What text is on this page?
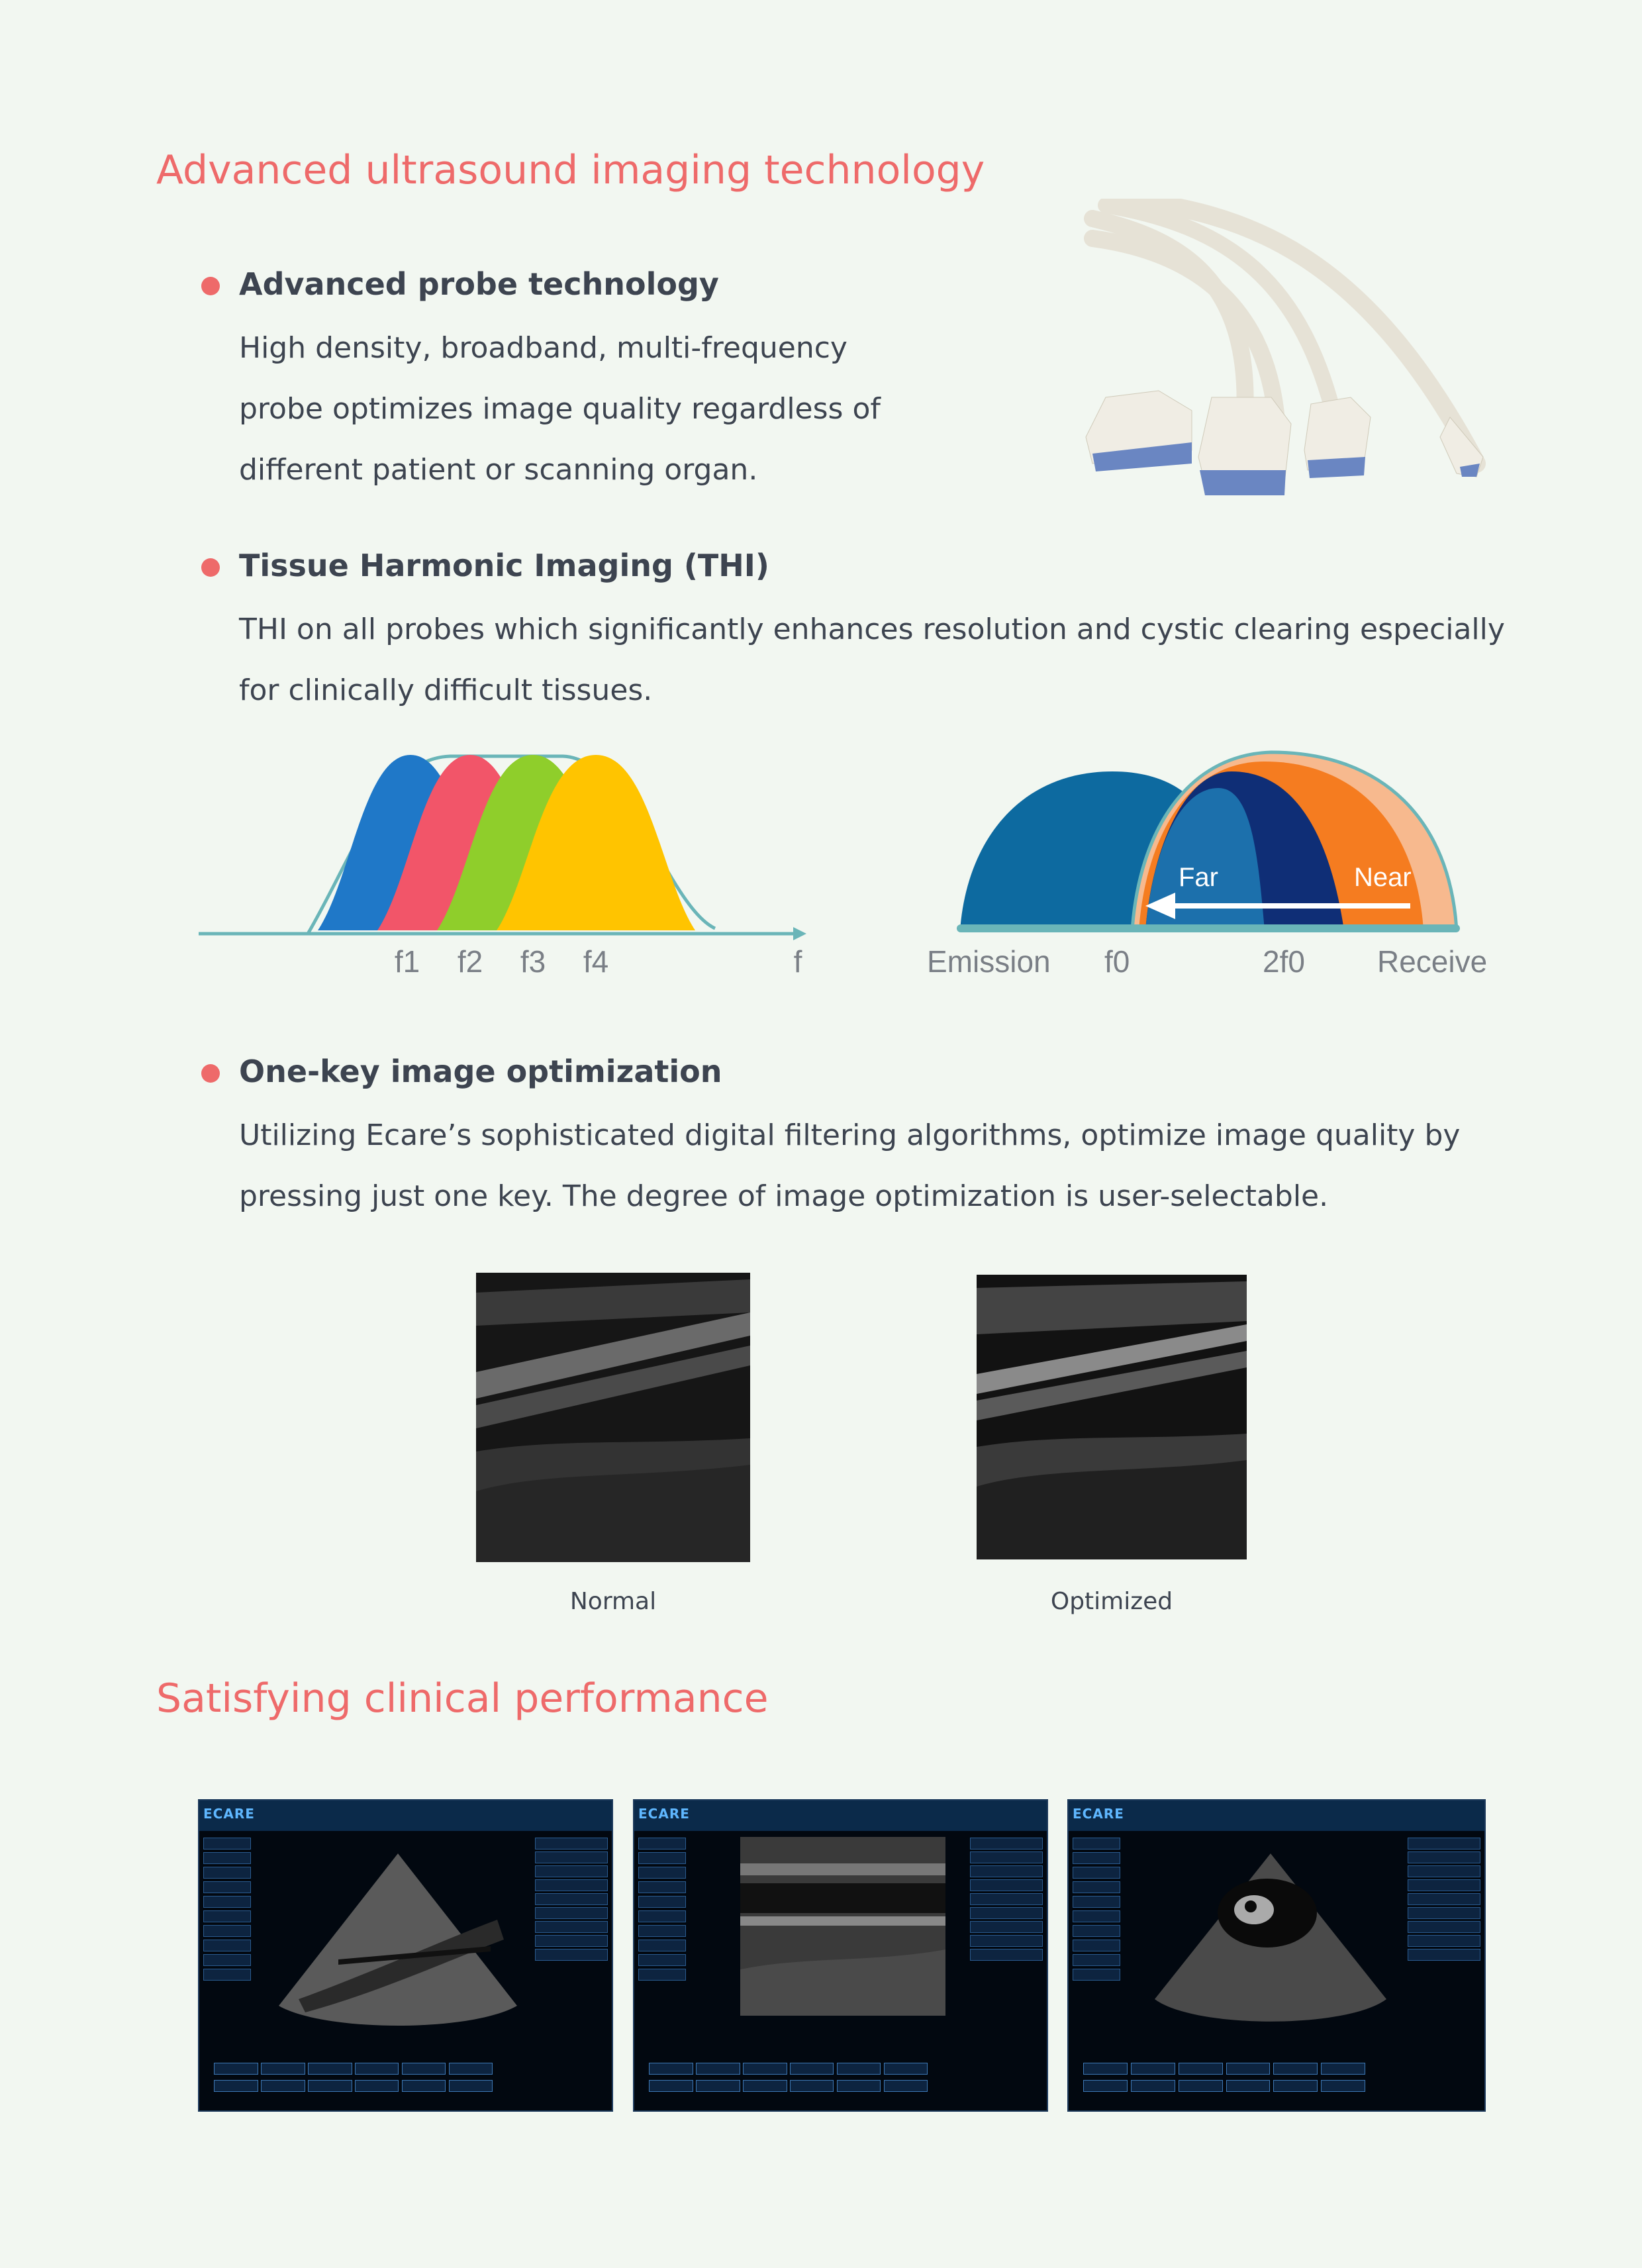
Advanced ultrasound imaging technology
Advanced probe technology
High density, broadband, multi-frequency
probe optimizes image quality regardless of
different patient or scanning organ.
Tissue Harmonic Imaging (THI)
THI on all probes which significantly enhances resolution and cystic clearing especially
for clinically difficult tissues.
f1 f2 f3 f4	f
Far	Near
Emission f0	2f0 Receive
One-key image optimization
Utilizing Ecare’s sophisticated digital filtering algorithms, optimize image quality by
pressing just one key. The degree of image optimization is user-selectable.
Normal	Optimized
Satisfying clinical performance
ECARE	ECARE	ECARE
